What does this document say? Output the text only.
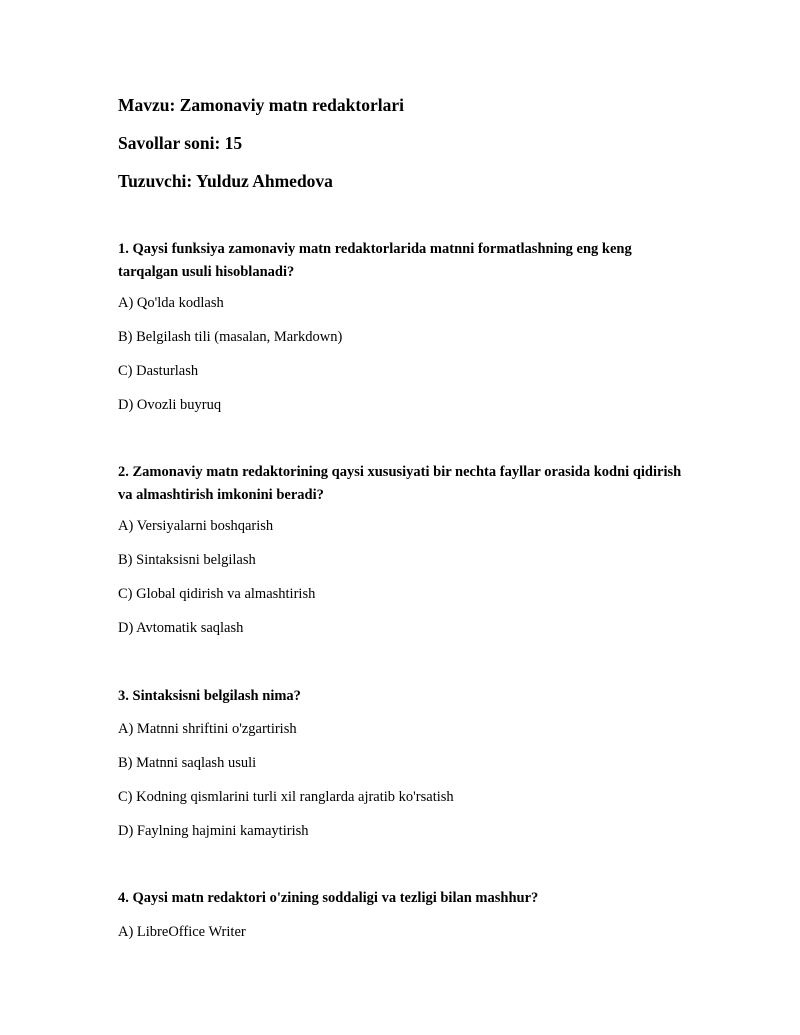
Mavzu: Zamonaviy matn redaktorlari
Savollar soni: 15
Tuzuvchi: Yulduz Ahmedova
1. Qaysi funksiya zamonaviy matn redaktorlarida matnni formatlashning eng keng tarqalgan usuli hisoblanadi?
A) Qo'lda kodlash
B) Belgilash tili (masalan, Markdown)
C) Dasturlash
D) Ovozli buyruq
2. Zamonaviy matn redaktorining qaysi xususiyati bir nechta fayllar orasida kodni qidirish va almashtirish imkonini beradi?
A) Versiyalarni boshqarish
B) Sintaksisni belgilash
C) Global qidirish va almashtirish
D) Avtomatik saqlash
3. Sintaksisni belgilash nima?
A) Matnni shriftini o'zgartirish
B) Matnni saqlash usuli
C) Kodning qismlarini turli xil ranglarda ajratib ko'rsatish
D) Faylning hajmini kamaytirish
4. Qaysi matn redaktori o'zining soddaligi va tezligi bilan mashhur?
A) LibreOffice Writer
